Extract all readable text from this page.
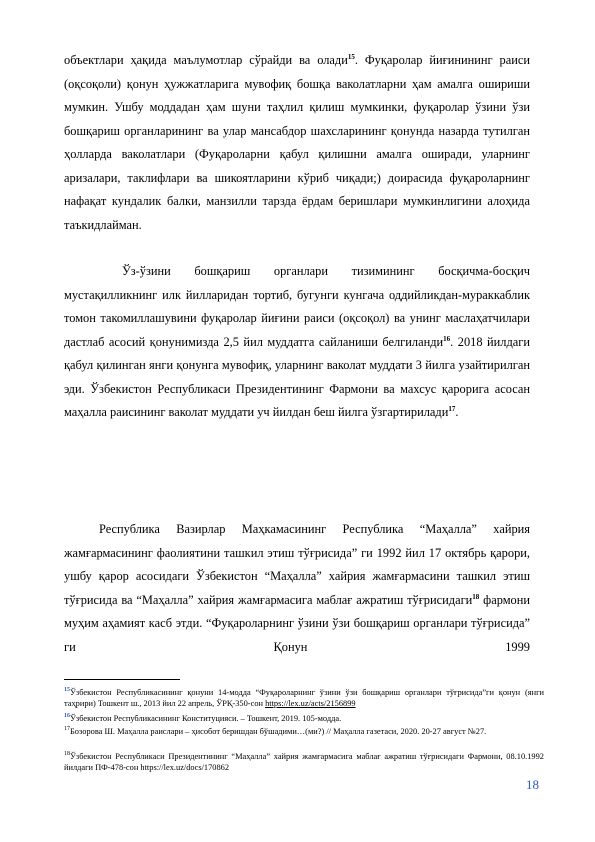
объектлари ҳақида маълумотлар сўрайди ва олади$^{15}$. Фуқаролар йиғинининг раиси (оқсоқоли) қонун ҳужжатларига мувофиқ бошқа ваколатларни ҳам амалга ошириши мумкин. Ушбу моддадан ҳам шуни таҳлил қилиш мумкинки, фуқаролар ўзини ўзи бошқариш органларининг ва улар мансабдор шахсларининг қонунда назарда тутилган ҳолларда ваколатлари (Фуқароларни қабул қилишни амалга оширади, уларнинг аризалари, таклифлари ва шикоятларини кўриб чиқади;) доирасида фуқароларнинг нафақат кундалик балки, манзилли тарзда ёрдам беришлари мумкинлигини алоҳида таъкидлайман.

Ўз-ўзини бошқариш органлари тизимининг босқичма-босқич мустақилликнинг илк йилларидан тортиб, бугунги кунгача оддийликдан-мураккаблик томон такомиллашувини фуқаролар йиғини раиси (оқсоқол) ва унинг маслаҳатчилари дастлаб асосий қонунимизда 2,5 йил муддатга сайланиши белгиланди$^{16}$. 2018 йилдаги қабул қилинган янги қонунга мувофиқ, уларнинг ваколат муддати 3 йилга узайтирилган эди. Ўзбекистон Республикаси Президентининг Фармони ва махсус қарорига асосан маҳалла раисининг ваколат муддати уч йилдан беш йилга ўзгартирилади$^{17}$.

Республика Вазирлар Маҳкамасининг Республика “Маҳалла” хайрия жамғармасининг фаолиятини ташкил этиш тўғрисида” ги 1992 йил 17 октябрь қарори, ушбу қарор асосидаги Ўзбекистон “Маҳалла” хайрия жамғармасини ташкил этиш тўғрисида ва “Маҳалла” хайрия жамғармасига маблағ ажратиш тўғрисидаги$^{18}$ фармони муҳим аҳамият касб этди. “Фуқароларнинг ўзини ўзи бошқариш органлари тўғрисида” ги Қонун 1999

$^{15}$Ўзбекистон Республикасининг қонуни 14-модда “Фуқароларнинг ўзини ўзи бошқариш органлари тўғрисида”ги қонун (янги таҳрири) Тошкент ш., 2013 йил 22 апрель, ЎРҚ-350-сон https://lex.uz/acts/2156899

$^{16}$Ўзбекистон Республикасининг Конституцияси. – Тошкент, 2019. 105-модда.

$^{17}$Бозорова Ш. Маҳалла раислари – ҳисобот беришдан бўшадими…(ми?) // Маҳалла газетаси, 2020. 20-27 август №27.

$^{18}$Ўзбекистон Республикаси Президентининг “Маҳалла” хайрия жамғармасига маблағ ажратиш тўғрисидаги Фармони, 08.10.1992 йилдаги ПФ-478-сон https://lex.uz/docs/170862

18
